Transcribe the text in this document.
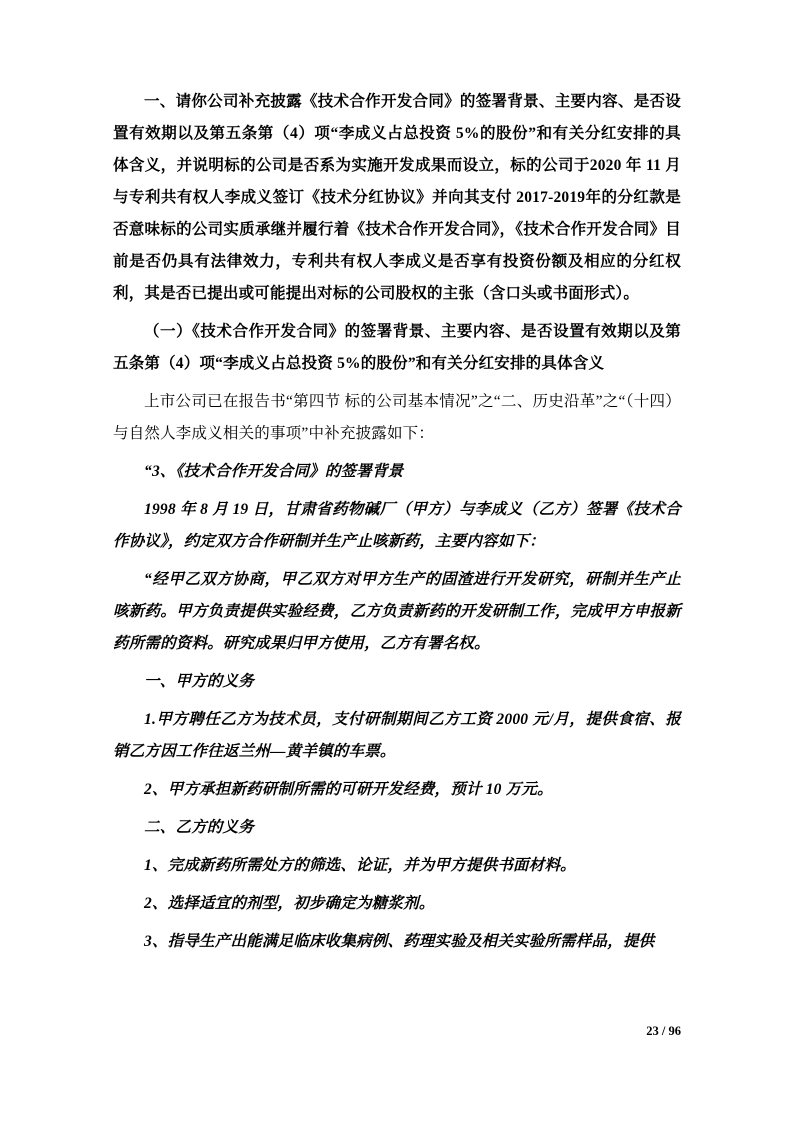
一、请你公司补充披露《技术合作开发合同》的签署背景、主要内容、是否设置有效期以及第五条第（4）项“李成义占总投资 5%的股份”和有关分红安排的具体含义，并说明标的公司是否系为实施开发成果而设立，标的公司于2020 年 11 月与专利共有权人李成义签订《技术分红协议》并向其支付 2017-2019年的分红款是否意味标的公司实质承继并履行着《技术合作开发合同》，《技术合作开发合同》目前是否仍具有法律效力，专利共有权人李成义是否享有投资份额及相应的分红权利，其是否已提出或可能提出对标的公司股权的主张（含口头或书面形式）。

（一）《技术合作开发合同》的签署背景、主要内容、是否设置有效期以及第五条第（4）项“李成义占总投资 5%的股份”和有关分红安排的具体含义

上市公司已在报告书“第四节 标的公司基本情况”之“二、历史沿革”之“（十四）与自然人李成义相关的事项”中补充披露如下：

“3、《技术合作开发合同》的签署背景

1998 年 8 月 19 日，甘肃省药物碱厂（甲方）与李成义（乙方）签署《技术合作协议》，约定双方合作研制并生产止咳新药，主要内容如下：

“经甲乙双方协商，甲乙双方对甲方生产的固渣进行开发研究，研制并生产止咳新药。甲方负责提供实验经费，乙方负责新药的开发研制工作，完成甲方申报新药所需的资料。研究成果归甲方使用，乙方有署名权。

一、甲方的义务

1.甲方聘任乙方为技术员，支付研制期间乙方工资 2000 元/月，提供食宿、报销乙方因工作往返兰州—黄羊镇的车票。

2、甲方承担新药研制所需的可研开发经费，预计 10 万元。

二、乙方的义务

1、完成新药所需处方的筛选、论证，并为甲方提供书面材料。

2、选择适宜的剂型，初步确定为糖浆剂。

3、指导生产出能满足临床收集病例、药理实验及相关实验所需样品，提供

23 / 96
